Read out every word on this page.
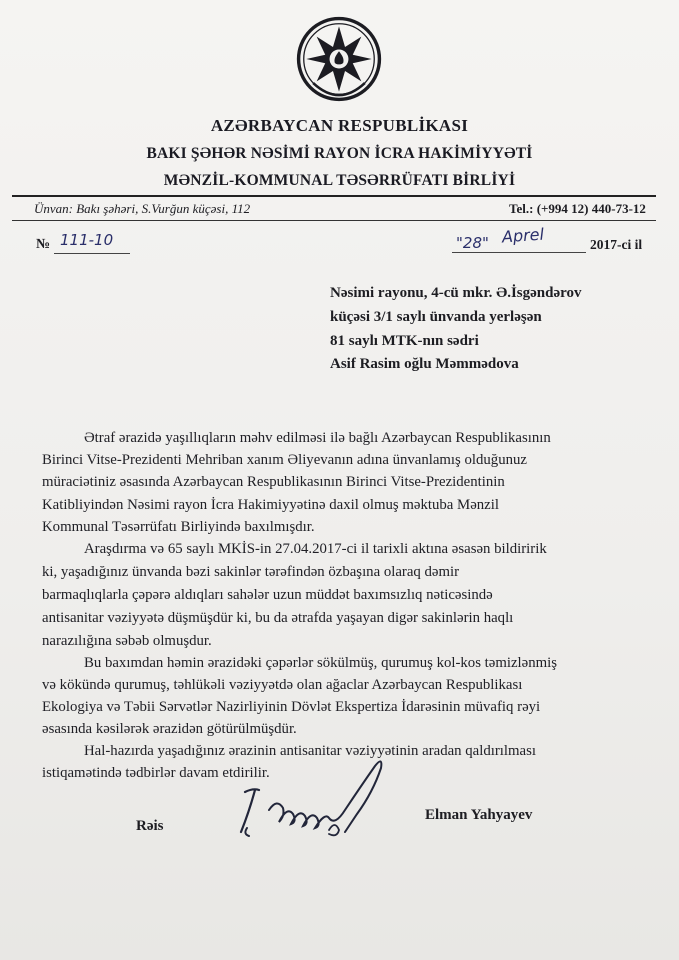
AZƏRBAYCAN RESPUBLİKASI
BAKI ŞƏHƏR NƏSİMİ RAYON İCRA HAKİMİYYƏTİ
MƏNZİL-KOMMUNAL TƏSƏRRÜFATI BİRLİYİ
Ünvan: Bakı şəhəri, S.Vurğun küçəsi, 112	Tel.: (+994 12) 440-73-12
№ 111-10	"28" Aprel	2017-ci il
Nəsimi rayonu, 4-cü mkr. Ə.İsgəndərov
küçəsi 3/1 saylı ünvanda yerləşən
81 saylı MTK-nın sədri
Asif Rasim oğlu Məmmədova
Ətraf ərazidə yaşıllıqların məhv edilməsi ilə bağlı Azərbaycan Respublikasının
Birinci Vitse-Prezidenti Mehriban xanım Əliyevanın adına ünvanlamış olduğunuz
müraciətiniz əsasında Azərbaycan Respublikasının Birinci Vitse-Prezidentinin
Katibliyindən Nəsimi rayon İcra Hakimiyyətinə daxil olmuş məktuba Mənzil
Kommunal Təsərrüfatı Birliyində baxılmışdır.
Araşdırma və 65 saylı MKİS-in 27.04.2017-ci il tarixli aktına əsasən bildiririk
ki, yaşadığınız ünvanda bəzi sakinlər tərəfindən özbaşına olaraq dəmir
barmaqlıqlarla çəpərə aldıqları sahələr uzun müddət baxımsızlıq nəticəsində
antisanitar vəziyyətə düşmüşdür ki, bu da ətrafda yaşayan digər sakinlərin haqlı
narazılığına səbəb olmuşdur.
Bu baxımdan həmin ərazidəki çəpərlər sökülmüş, qurumuş kol-kos təmizlənmiş
və kökündə qurumuş, təhlükəli vəziyyətdə olan ağaclar Azərbaycan Respublikası
Ekologiya və Təbii Sərvətlər Nazirliyinin Dövlət Ekspertiza İdarəsinin müvafiq rəyi
əsasında kəsilərək ərazidən götürülmüşdür.
Hal-hazırda yaşadığınız ərazinin antisanitar vəziyyətinin aradan qaldırılması
istiqamətində tədbirlər davam etdirilir.
Rəis
Elman Yahyayev
